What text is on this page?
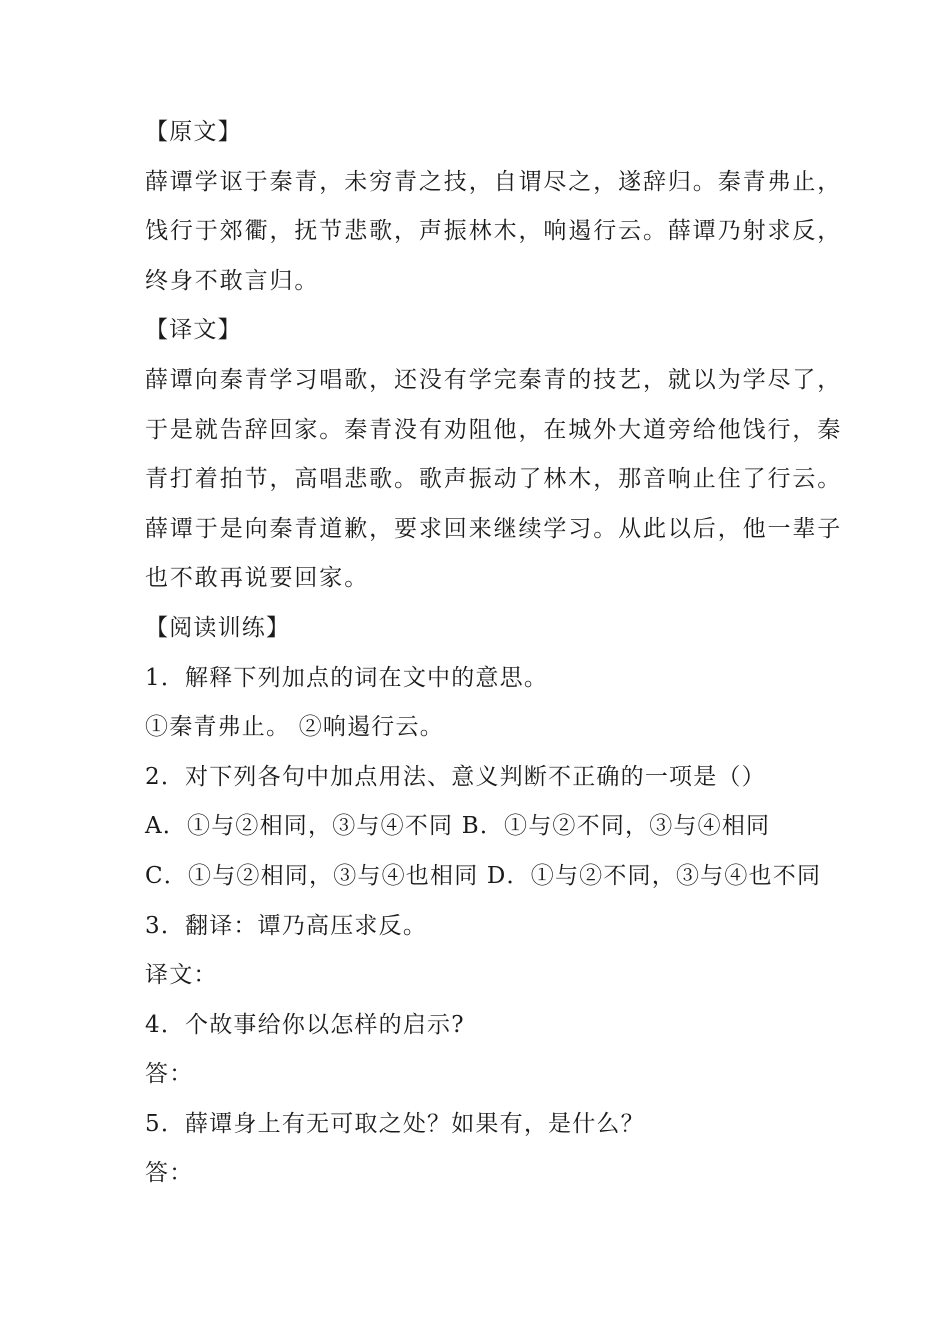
【原文】
薛谭学讴于秦青，未穷青之技，自谓尽之，遂辞归。秦青弗止，
饯行于郊衢，抚节悲歌，声振林木，响遏行云。薛谭乃射求反，
终身不敢言归。
【译文】
薛谭向秦青学习唱歌，还没有学完秦青的技艺，就以为学尽了，
于是就告辞回家。秦青没有劝阻他，在城外大道旁给他饯行，秦
青打着拍节，高唱悲歌。歌声振动了林木，那音响止住了行云。
薛谭于是向秦青道歉，要求回来继续学习。从此以后，他一辈子
也不敢再说要回家。
【阅读训练】
1．解释下列加点的词在文中的意思。
①秦青弗止。 ②响遏行云。
2．对下列各句中加点用法、意义判断不正确的一项是（）
A．①与②相同，③与④不同 B．①与②不同，③与④相同
C．①与②相同，③与④也相同 D．①与②不同，③与④也不同
3．翻译：谭乃高压求反。
译文：
4．个故事给你以怎样的启示?
答：
5．薛谭身上有无可取之处？如果有，是什么？
答：
